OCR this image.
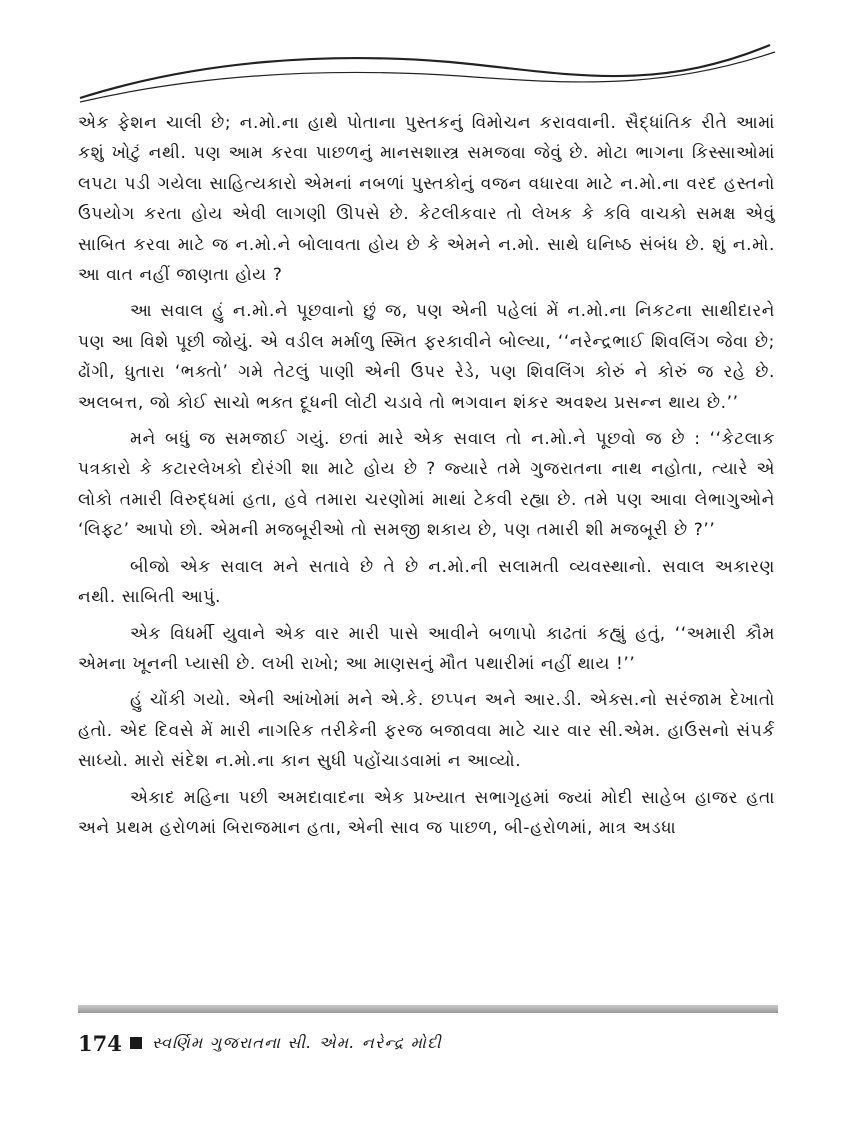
એક ફેશન ચાલી છે; ન.મો.ના હાથે પોતાના પુસ્તકનું વિમોચન કરાવવાની. સૈદ્ધાંતિક રીતે આમાં કશું ખોટું નથી. પણ આમ કરવા પાછળનું માનસશાસ્ત્ર સમજવા જેવું છે. મોટા ભાગના કિસ્સાઓમાં લપટા પડી ગયેલા સાહિત્યકારો એમનાં નબળાં પુસ્તકોનું વજન વધારવા માટે ન.મો.ના વરદ હસ્તનો ઉપયોગ કરતા હોય એવી લાગણી ઊપસે છે. કેટલીકવાર તો લેખક કે કવિ વાચકો સમક્ષ એવું સાબિત કરવા માટે જ ન.મો.ને બોલાવતા હોય છે કે એમને ન.મો. સાથે ઘનિષ્ઠ સંબંધ છે. શું ન.મો. આ વાત નહીં જાણતા હોય ?

આ સવાલ હું ન.મો.ને પૂછવાનો છું જ, પણ એની પહેલાં મેં ન.મો.ના નિકટના સાથીદારને પણ આ વિશે પૂછી જોયું. એ વડીલ મર્માળુ સ્મિત ફરકાવીને બોલ્યા, ‘‘નરેન્દ્રભાઈ શિવલિંગ જેવા છે; ઢોંગી, ધુતારા ‘ભક્તો’ ગમે તેટલું પાણી એની ઉપર રેડે, પણ શિવલિંગ કોરું ને કોરું જ રહે છે. અલબત્ત, જો કોઈ સાચો ભક્ત દૂધની લોટી ચડાવે તો ભગવાન શંકર અવશ્ય પ્રસન્ન થાય છે.’’

મને બધું જ સમજાઈ ગયું. છતાં મારે એક સવાલ તો ન.મો.ને પૂછવો જ છે : ‘‘કેટલાક પત્રકારો કે કટારલેખકો દોરંગી શા માટે હોય છે ? જ્યારે તમે ગુજરાતના નાથ નહોતા, ત્યારે એ લોકો તમારી વિરુદ્ધમાં હતા, હવે તમારા ચરણોમાં માથાં ટેકવી રહ્યા છે. તમે પણ આવા લેભાગુઓને ‘લિફ્ટ’ આપો છો. એમની મજબૂરીઓ તો સમજી શકાય છે, પણ તમારી શી મજબૂરી છે ?’’

બીજો એક સવાલ મને સતાવે છે તે છે ન.મો.ની સલામતી વ્યવસ્થાનો. સવાલ અકારણ નથી. સાબિતી આપું.

એક વિધર્મી યુવાને એક વાર મારી પાસે આવીને બળાપો કાઢતાં કહ્યું હતું, ‘‘અમારી કૌમ એમના ખૂનની પ્યાસી છે. લખી રાખો; આ માણસનું મૌત પથારીમાં નહીં થાય !’’

હું ચોંકી ગયો. એની આંખોમાં મને એ.કે. છપ્પન અને આર.ડી. એક્સ.નો સરંજામ દેખાતો હતો. એદ દિવસે મેં મારી નાગરિક તરીકેની ફરજ બજાવવા માટે ચાર વાર સી.એમ. હાઉસનો સંપર્ક સાધ્યો. મારો સંદેશ ન.મો.ના કાન સુધી પહોંચાડવામાં ન આવ્યો.

એકાદ મહિના પછી અમદાવાદના એક પ્રખ્યાત સભાગૃહમાં જ્યાં મોદી સાહેબ હાજર હતા અને પ્રથમ હરોળમાં બિરાજમાન હતા, એની સાવ જ પાછળ, બી-હરોળમાં, માત્ર અડધા

174 સ્વર્ણિમ ગુજરાતના સી. એમ. નરેન્દ્ર મોદી
